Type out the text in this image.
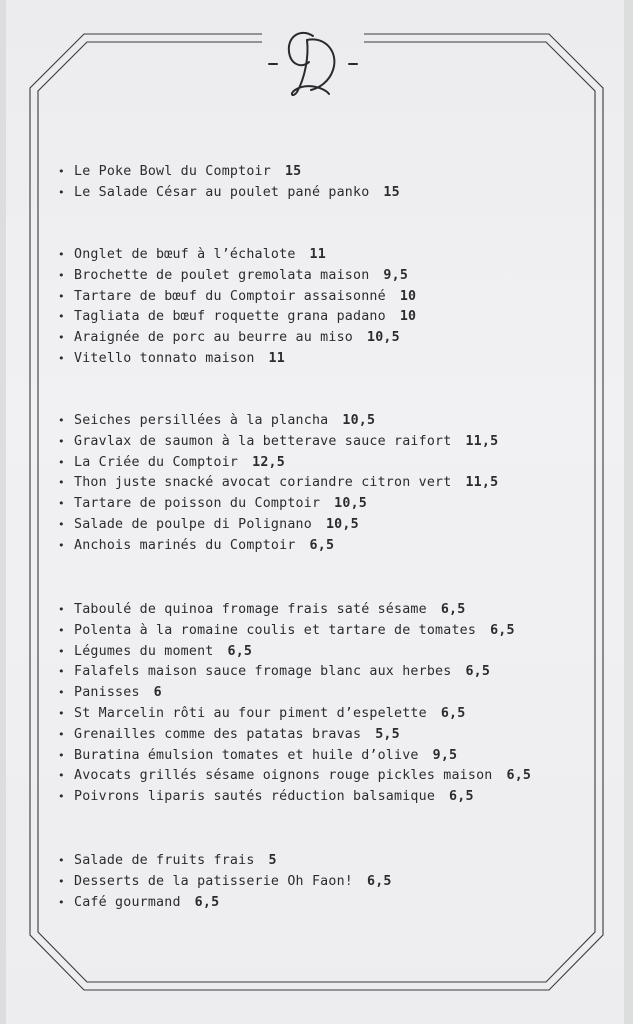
• Le Poke Bowl du Comptoir 15
• Le Salade César au poulet pané panko 15
• Onglet de bœuf à l’échalote 11
• Brochette de poulet gremolata maison 9,5
• Tartare de bœuf du Comptoir assaisonné 10
• Tagliata de bœuf roquette grana padano 10
• Araignée de porc au beurre au miso 10,5
• Vitello tonnato maison 11
• Seiches persillées à la plancha 10,5
• Gravlax de saumon à la betterave sauce raifort 11,5
• La Criée du Comptoir 12,5
• Thon juste snacké avocat coriandre citron vert 11,5
• Tartare de poisson du Comptoir 10,5
• Salade de poulpe di Polignano 10,5
• Anchois marinés du Comptoir 6,5
• Taboulé de quinoa fromage frais saté sésame 6,5
• Polenta à la romaine coulis et tartare de tomates 6,5
• Légumes du moment 6,5
• Falafels maison sauce fromage blanc aux herbes 6,5
• Panisses 6
• St Marcelin rôti au four piment d’espelette 6,5
• Grenailles comme des patatas bravas 5,5
• Buratina émulsion tomates et huile d’olive 9,5
• Avocats grillés sésame oignons rouge pickles maison 6,5
• Poivrons liparis sautés réduction balsamique 6,5
• Salade de fruits frais 5
• Desserts de la patisserie Oh Faon! 6,5
• Café gourmand 6,5
